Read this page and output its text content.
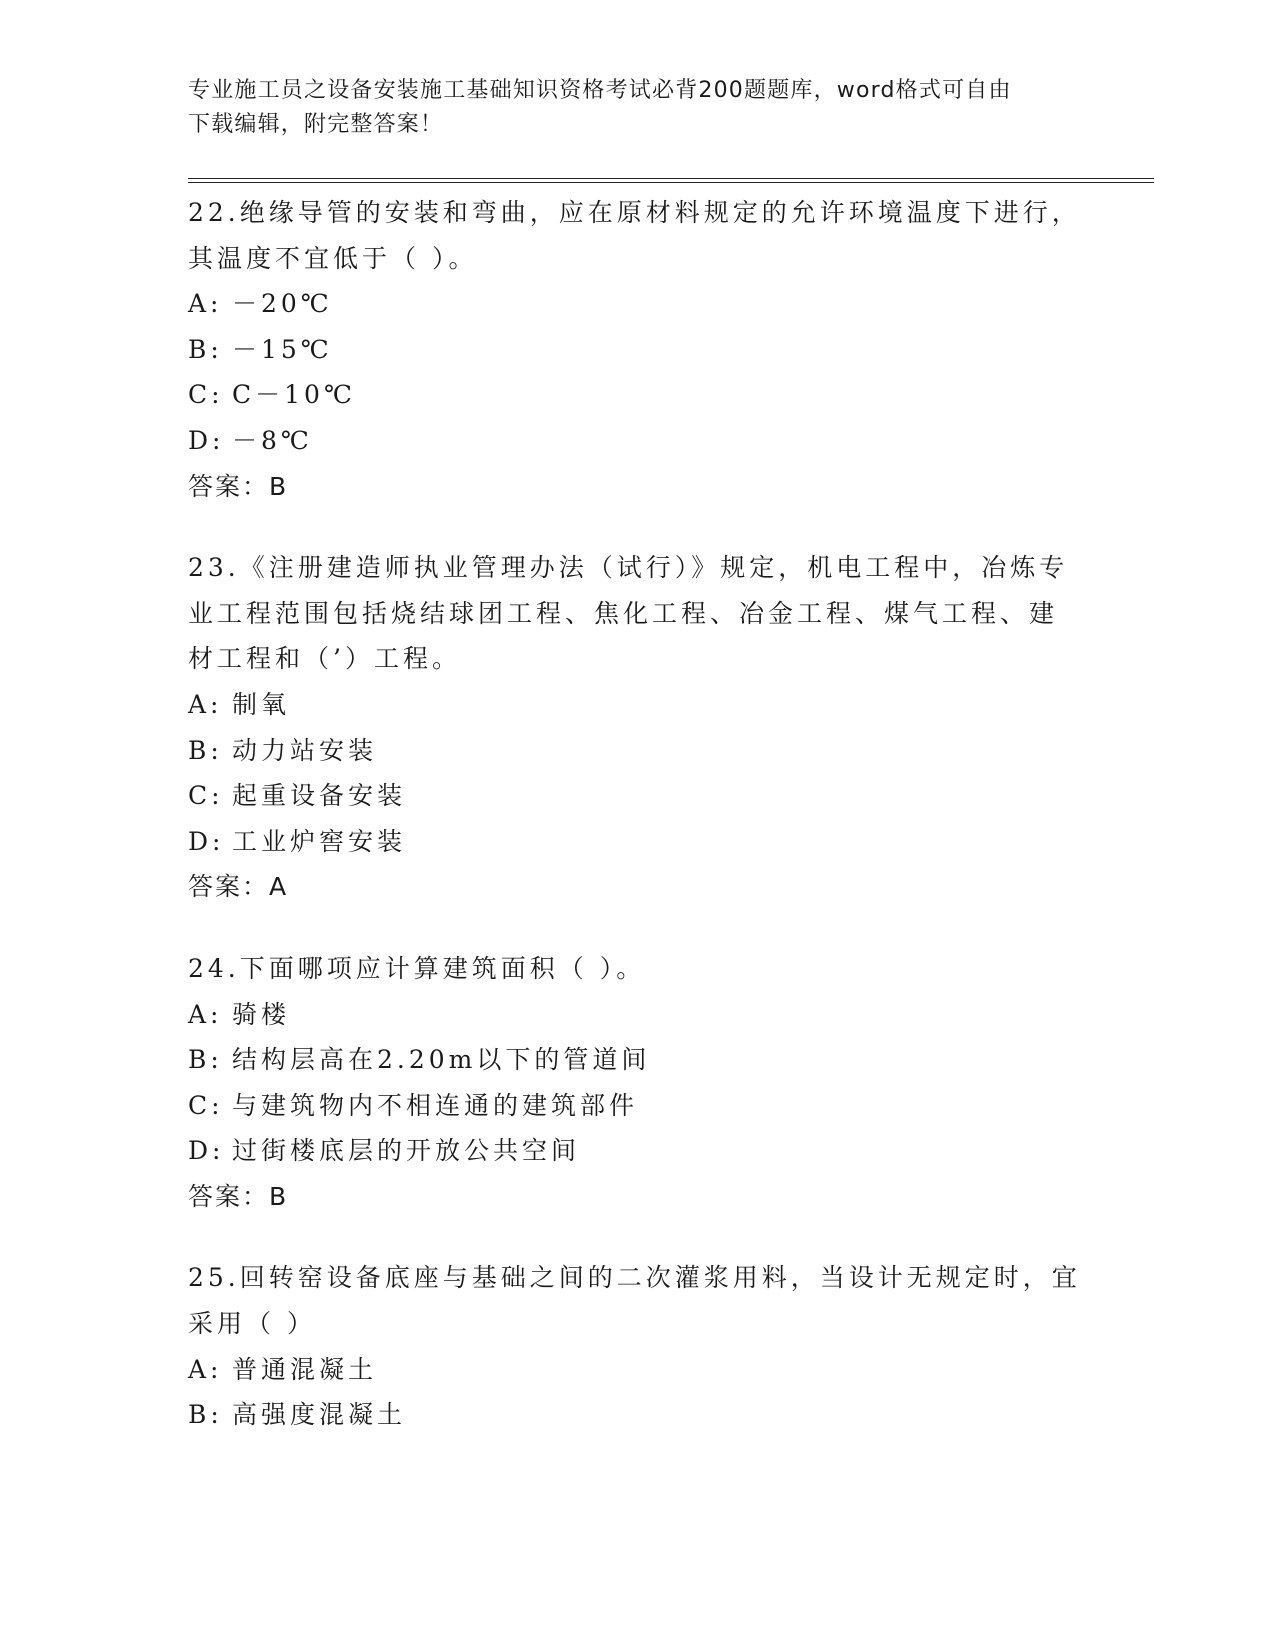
专业施工员之设备安装施工基础知识资格考试必背200题题库，word格式可自由
下载编辑，附完整答案！
22.绝缘导管的安装和弯曲，应在原材料规定的允许环境温度下进行，
其温度不宜低于（ ）。
A: －20℃
B: －15℃
C: C－10℃
D: －8℃
答案：B
23.《注册建造师执业管理办法（试行）》规定，机电工程中，冶炼专
业工程范围包括烧结球团工程、焦化工程、冶金工程、煤气工程、建
材工程和（’）工程。
A: 制氧
B: 动力站安装
C: 起重设备安装
D: 工业炉窖安装
答案：A
24.下面哪项应计算建筑面积（ ）。
A: 骑楼
B: 结构层高在2.20m以下的管道间
C: 与建筑物内不相连通的建筑部件
D: 过街楼底层的开放公共空间
答案：B
25.回转窑设备底座与基础之间的二次灌浆用料，当设计无规定时，宜
采用（ ）
A: 普通混凝土
B: 高强度混凝土
